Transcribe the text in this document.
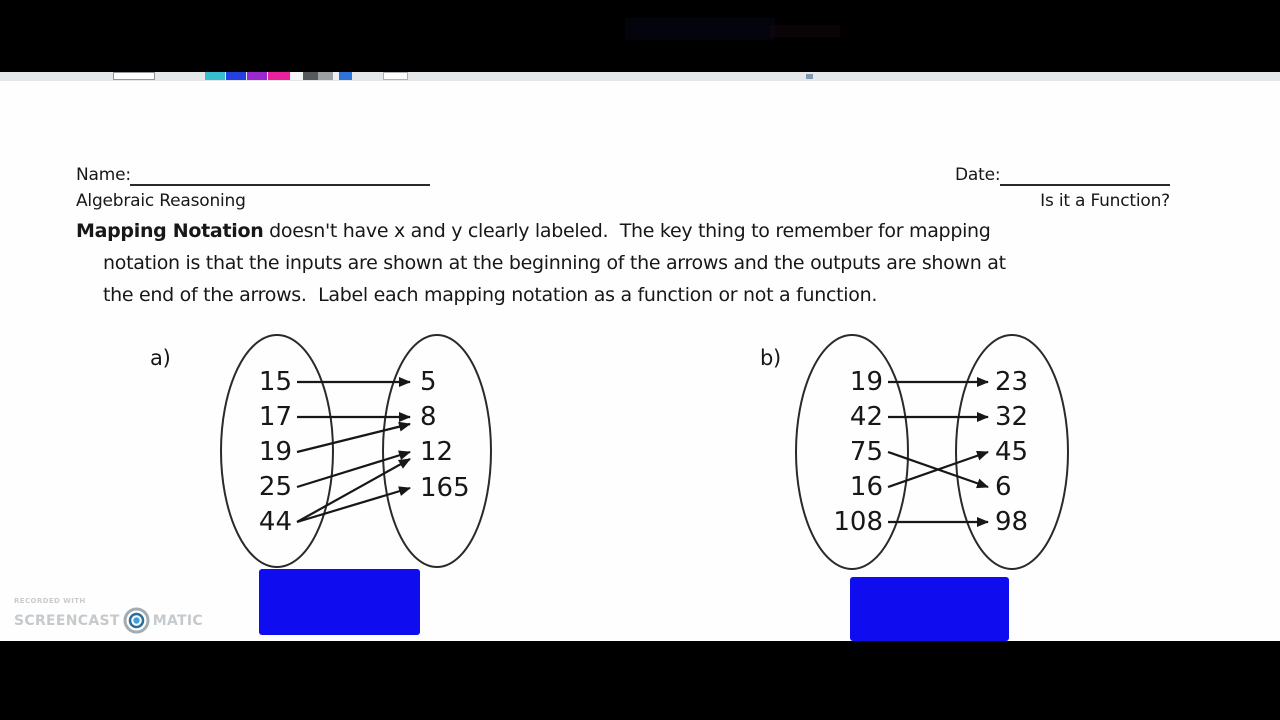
Name:	Date:
Algebraic Reasoning	Is it a Function?
Mapping Notation doesn't have x and y clearly labeled.  The key thing to remember for mapping
notation is that the inputs are shown at the beginning of the arrows and the outputs are shown at
the end of the arrows.  Label each mapping notation as a function or not a function.
a)	b)
15
17
19
25
44
5
8
12
165
19
42
75
16
108
23
32
45
6
98
RECORDED WITH
SCREENCAST MATIC
